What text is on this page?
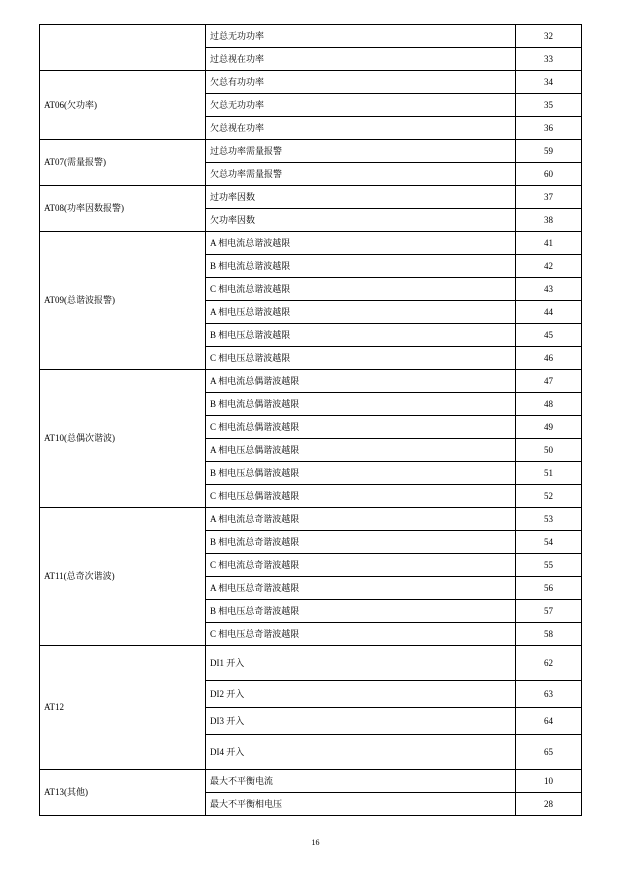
	过总无功功率	32
	过总视在功率	33
AT06(欠功率)	欠总有功功率	34
	欠总无功功率	35
	欠总视在功率	36
AT07(需量报警)	过总功率需量报警	59
	欠总功率需量报警	60
AT08(功率因数报警)	过功率因数	37
	欠功率因数	38
AT09(总谐波报警)	A 相电流总谐波越限	41
	B 相电流总谐波越限	42
	C 相电流总谐波越限	43
	A 相电压总谐波越限	44
	B 相电压总谐波越限	45
	C 相电压总谐波越限	46
AT10(总偶次谐波)	A 相电流总偶谐波越限	47
	B 相电流总偶谐波越限	48
	C 相电流总偶谐波越限	49
	A 相电压总偶谐波越限	50
	B 相电压总偶谐波越限	51
	C 相电压总偶谐波越限	52
AT11(总奇次谐波)	A 相电流总奇谐波越限	53
	B 相电流总奇谐波越限	54
	C 相电流总奇谐波越限	55
	A 相电压总奇谐波越限	56
	B 相电压总奇谐波越限	57
	C 相电压总奇谐波越限	58
AT12	DI1 开入	62
	DI2 开入	63
	DI3 开入	64
	DI4 开入	65
AT13(其他)	最大不平衡电流	10
	最大不平衡相电压	28
16
